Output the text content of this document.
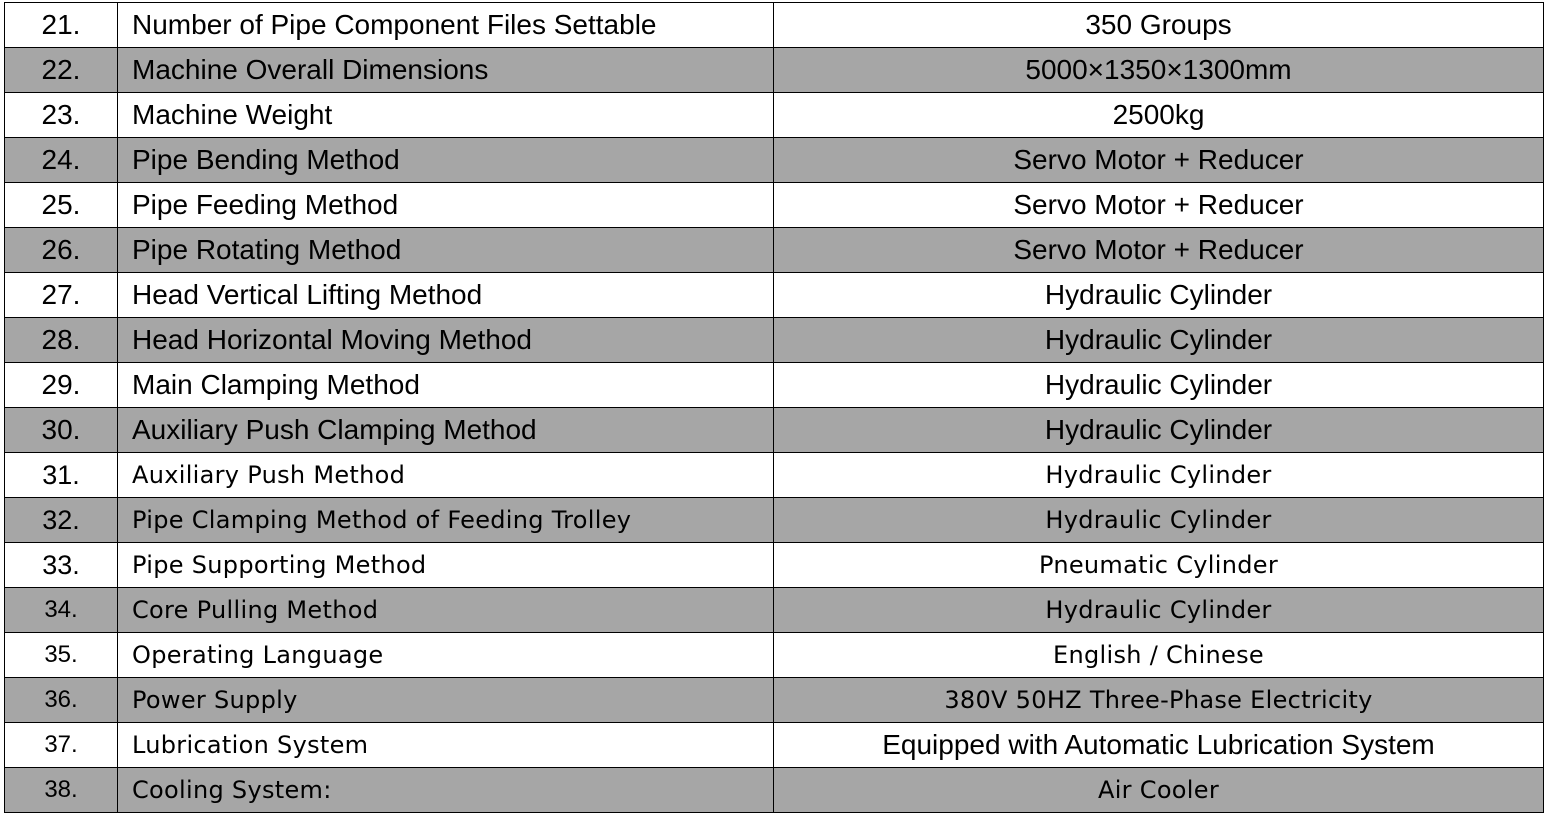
21.	Number of Pipe Component Files Settable	350 Groups
22.	Machine Overall Dimensions	5000×1350×1300mm
23.	Machine Weight	2500kg
24.	Pipe Bending Method	Servo Motor + Reducer
25.	Pipe Feeding Method	Servo Motor + Reducer
26.	Pipe Rotating Method	Servo Motor + Reducer
27.	Head Vertical Lifting Method	Hydraulic Cylinder
28.	Head Horizontal Moving Method	Hydraulic Cylinder
29.	Main Clamping Method	Hydraulic Cylinder
30.	Auxiliary Push Clamping Method	Hydraulic Cylinder
31.	Auxiliary Push Method	Hydraulic Cylinder
32.	Pipe Clamping Method of Feeding Trolley	Hydraulic Cylinder
33.	Pipe Supporting Method	Pneumatic Cylinder
34.	Core Pulling Method	Hydraulic Cylinder
35.	Operating Language	English / Chinese
36.	Power Supply	380V 50HZ Three-Phase Electricity
37.	Lubrication System	Equipped with Automatic Lubrication System
38.	Cooling System:	Air Cooler
